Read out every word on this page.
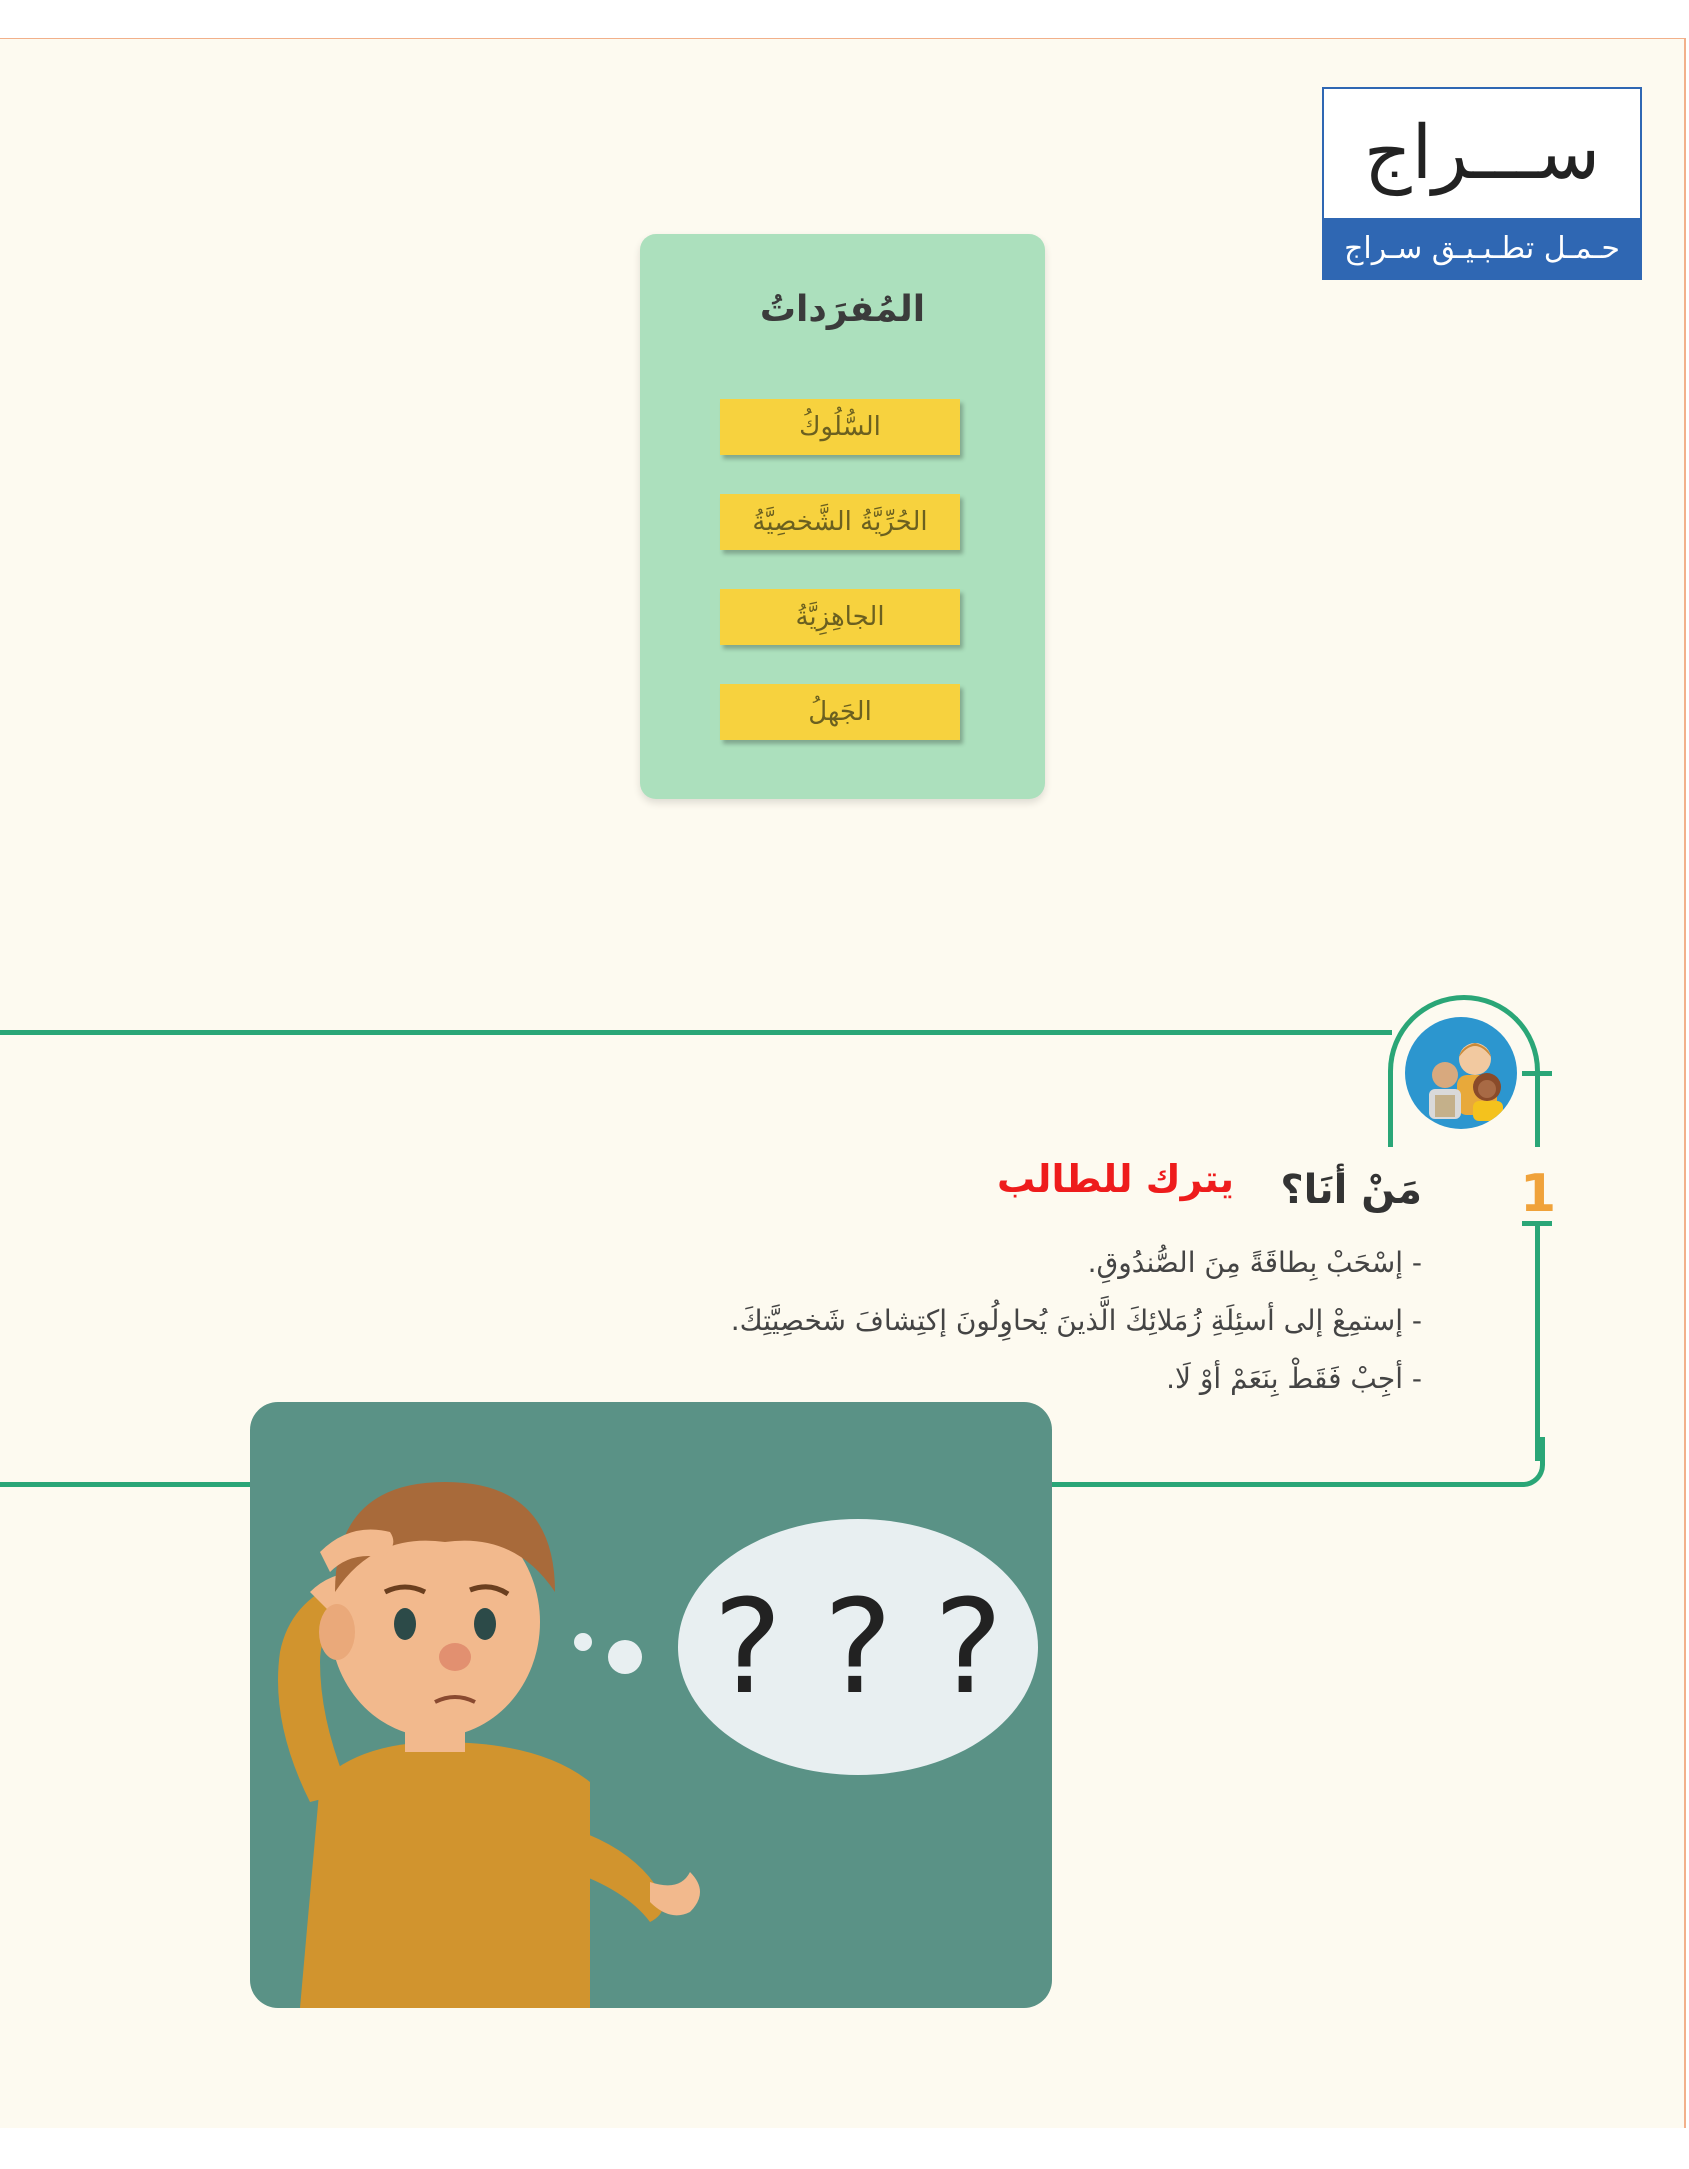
ســـراج
حـمـل تطـبـيـق سـراج
المُفرَداتُ
السُّلُوكُ
الحُرِّيَّةُ الشَّخصِيَّةُ
الجاهِزِيَّةُ
الجَهلُ
1
مَنْ أنَا؟
يترك للطالب
- إسْحَبْ بِطاقَةً مِنَ الصُّندُوقِ.
- إستمِعْ إلى أسئِلَةِ زُمَلائِكَ الَّذينَ يُحاوِلُونَ إكتِشافَ شَخصِيَّتِكَ.
- أجِبْ فَقَطْ بِنَعَمْ أوْ لَا.
? ? ?
